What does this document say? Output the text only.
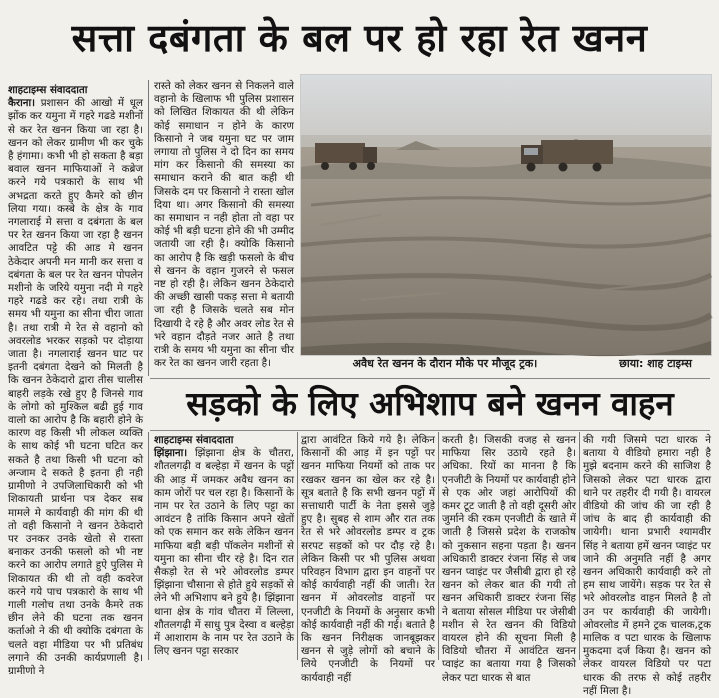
सत्ता दबंगता के बल पर हो रहा रेत खनन

शाहटाइम्स संवाददाता
कैराना। प्रशासन की आखो में धूल झोंक कर यमुना में गहरे गढडे मशीनों से कर रेत खनन किया जा रहा है। खनन को लेकर ग्रामीण भी कर चुके है हंगामा। कभी भी हो सकता है बड़ा बवाल खनन माफियाओं ने कब्रेज करने गये पत्रकारो के साथ भी अभद्रता करते हुए कैमरे को छीन लिया गया। कस्बे के क्षेत्र के गाव नगलाराई मे सत्ता व दबंगता के बल पर रेत खनन किया जा रहा है खनन आवटित पट्टे की आड मे खनन ठेकेदार अपनी मन मानी कर सत्ता व दबंगता के बल पर रेत खनन पोपलेन मशीनो के जरिये यमुना नदी मे गहरे गहरे गढडे कर रहे। तथा रात्री के समय भी यमुना का सीना चीरा जाता है। तथा रात्री मे रेत से वहानो को अवरलोड भरकर सड़को पर दोड़ाया जाता है। नगलाराई खनन घाट पर इतनी दबंगता देखने को मिलती है कि खनन ठेकेदारो द्वारा तीस चालीस बाहरी लड़के रखे हुए है जिनसे गाव के लोगो को मुश्किल बढी हुई गाव वालो का आरोप है कि बहारी होने के कारण वह किसी भी लोकल व्यक्ति के साथ कोई भी घटना घटित कर सकते है तथा किसी भी घटना को अन्जाम दे सकते है इतना ही नही ग्रामीणो ने उपजिलाधिकारी को भी शिकायती प्रार्थना पत्र देकर सब मामले मे कार्यवाही की मांग की थी तो वही किसानो ने खनन ठेकेदारो पर उनकर उनके खेतो से रास्ता बनाकर उनकी फसलो को भी नष्ट करने का आरोप लगाते हुऐ पुलिस मे शिकायत की थी तो वही कवरेज करने गये पाच पत्रकारो के साथ भी गाली गलोच तथा उनके कैमरे तक छीन लेने की घटना तक खनन कर्ताओ ने की थी क्योकि दबंगता के चलते वहा मीडिया पर भी प्रतिबंध लगाने की उनकी कार्यप्रणाली है। ग्रामीणो ने

रास्ते को लेकर खनन से निकलने वाले वहानो के खिलाफ भी पुलिस प्रशासन को लिखित शिकायत की थी लेकिन कोई समाधान न होने के कारण किसानो ने जब यमुना घट पर जाम लगाया तो पुलिस ने दो दिन का समय मांग कर किसानो की समस्या का समाधान कराने की बात कही थी जिसके दम पर किसानो ने रास्ता खोल दिया था। अगर किसानो की समस्या का समाधान न नही होता तो वहा पर कोई भी बड़ी घटना होने की भी उम्मीद जतायी जा रही है। क्योकि किसानो का आरोप है कि खड़ी फसलो के बीच से खनन के वहान गुजरने से फसल नष्ट हो रही है। लेकिन खनन ठेकेदारो की अच्छी खासी पकड़ सत्ता मे बतायी जा रही है जिसके चलते सब मोन दिखायी दे रहे है और अवर लोड रेत से भरे वहान दौड़ते नजर आते है तथा रात्री के समय भी यमुना का सीना चीर कर रेत का खनन जारी रहता है।	अवैध रेत खनन के दौरान मौके पर मौजूद ट्रक।	छाया: शाह टाइम्स
सड़को के लिए अभिशाप बने खनन वाहन

शाहटाइम्स संवाददाता
झिंझाना। झिंझाना क्षेत्र के चौतरा, शौतलगढ़ी व बल्हेड़ा में खनन के पट्टों की आड़ में जमकर अवैध खनन का काम जोरों पर चल रहा है। किसानों के नाम पर रेत उठाने के लिए पट्टा का आवंटन है तांकि किसान अपने खेतों को एक समान कर सके लेकिन खनन माफिया बड़ी बड़ी पॉकलेन मशीनों से यमुना का सीना चीर रहे है। दिन रात सैकड़ो रेत से भरे ओवरलोड डम्पर झिंझाना चौसाना से होते हुये सड़कों से लेने भी अभिशाप बने हुये है। झिंझाना थाना क्षेत्र के गांव चौतरा में लिल्ला, शौतलगढ़ी में साधु पुत्र देस्वा व बल्हेड़ा में आशाराम के नाम पर रेत उठाने के लिए खनन पट्टा सरकार

द्वारा आवंटित किये गये है। लेकिन किसानों की आड़ में इन पट्टों पर खनन माफिया नियमों को ताक पर रखकर खनन का खेल कर रहे है।सूत्र बताते है कि सभी खनन पट्टों में सत्ताधारी पार्टी के नेता इससे जुड़े हुए है। सुबह से शाम और रात तक रेत से भरे ओवरलोड डम्पर व ट्रक सरपट सड़कों को पर दौड़ रहे है। लेकिन किसी पर भी पुलिस अथवा परिवहन विभाग द्वारा इन वाहनों पर कोई कार्यवाही नहीं की जाती। रेत खनन में ओवरलोड वाहनों पर एनजीटी के नियमों के अनुसार कभी कोई कार्यवाही नहीं की गई। बताते है कि खनन निरीक्षक जानबूझकर खनन से जुड़े लोगों को बचाने के लिये एनजीटी के नियमों पर कार्यवाही नहीं

करती है। जिसकी वजह से खनन माफिया सिर उठाये रहते है। अधिका. रियों का मानना है कि एनजीटी के नियमों पर कार्यवाही होने से एक ओर जहां आरोपियों की कमर टूट जाती है तो वही दूसरी ओर जुर्माने की रकम एनजीटी के खाते में जाती है जिससे प्रदेश के राजकोष को नुकसान सहना पड़ता है। खनन अधिकारी डाक्टर रंजना सिंह से जब खनन प्वाइंट पर जैसीबी द्वारा हो रहे खनन को लेकर बात की गयी तो खनन अधिकारी डाक्टर रंजना सिंह ने बताया सोसल मीडिया पर जेसीबी मशीन से रेत खनन की विडियो वायरल होने की सूचना मिली है विडियो चौतरा में आवंटित खनन प्वाइंट का बताया गया है जिसको लेकर पटा धारक से बात

की गयी जिसमे पटा धारक ने बताया ये वीडियो हमारा नही है मुझे बदनाम करने की साजिश है जिसको लेकर पटा धारक द्वारा थाने पर तहरीर दी गयी है। वायरल वीडियो की जांच की जा रही है जांच के बाद ही कार्यवाही की जायेगी। थाना प्रभारी श्यामवीर सिंह ने बताया हमें खनन प्वाइंट पर जाने की अनुमति नहीं है अगर खनन अधिकारी कार्यवाही करे तो हम साथ जायेंगे। सड़क पर रेत से भरे ओवरलोड वाहन मिलते है तो उन पर कार्यवाही की जायेगी। ओवरलोड में हमने ट्रक चालक,ट्रक मालिक व पटा धारक के खिलाफ मुकदमा दर्ज किया है। खनन को लेकर वायरल विडियो पर पटा धारक की तरफ से कोई तहरीर नहीं मिला है।
